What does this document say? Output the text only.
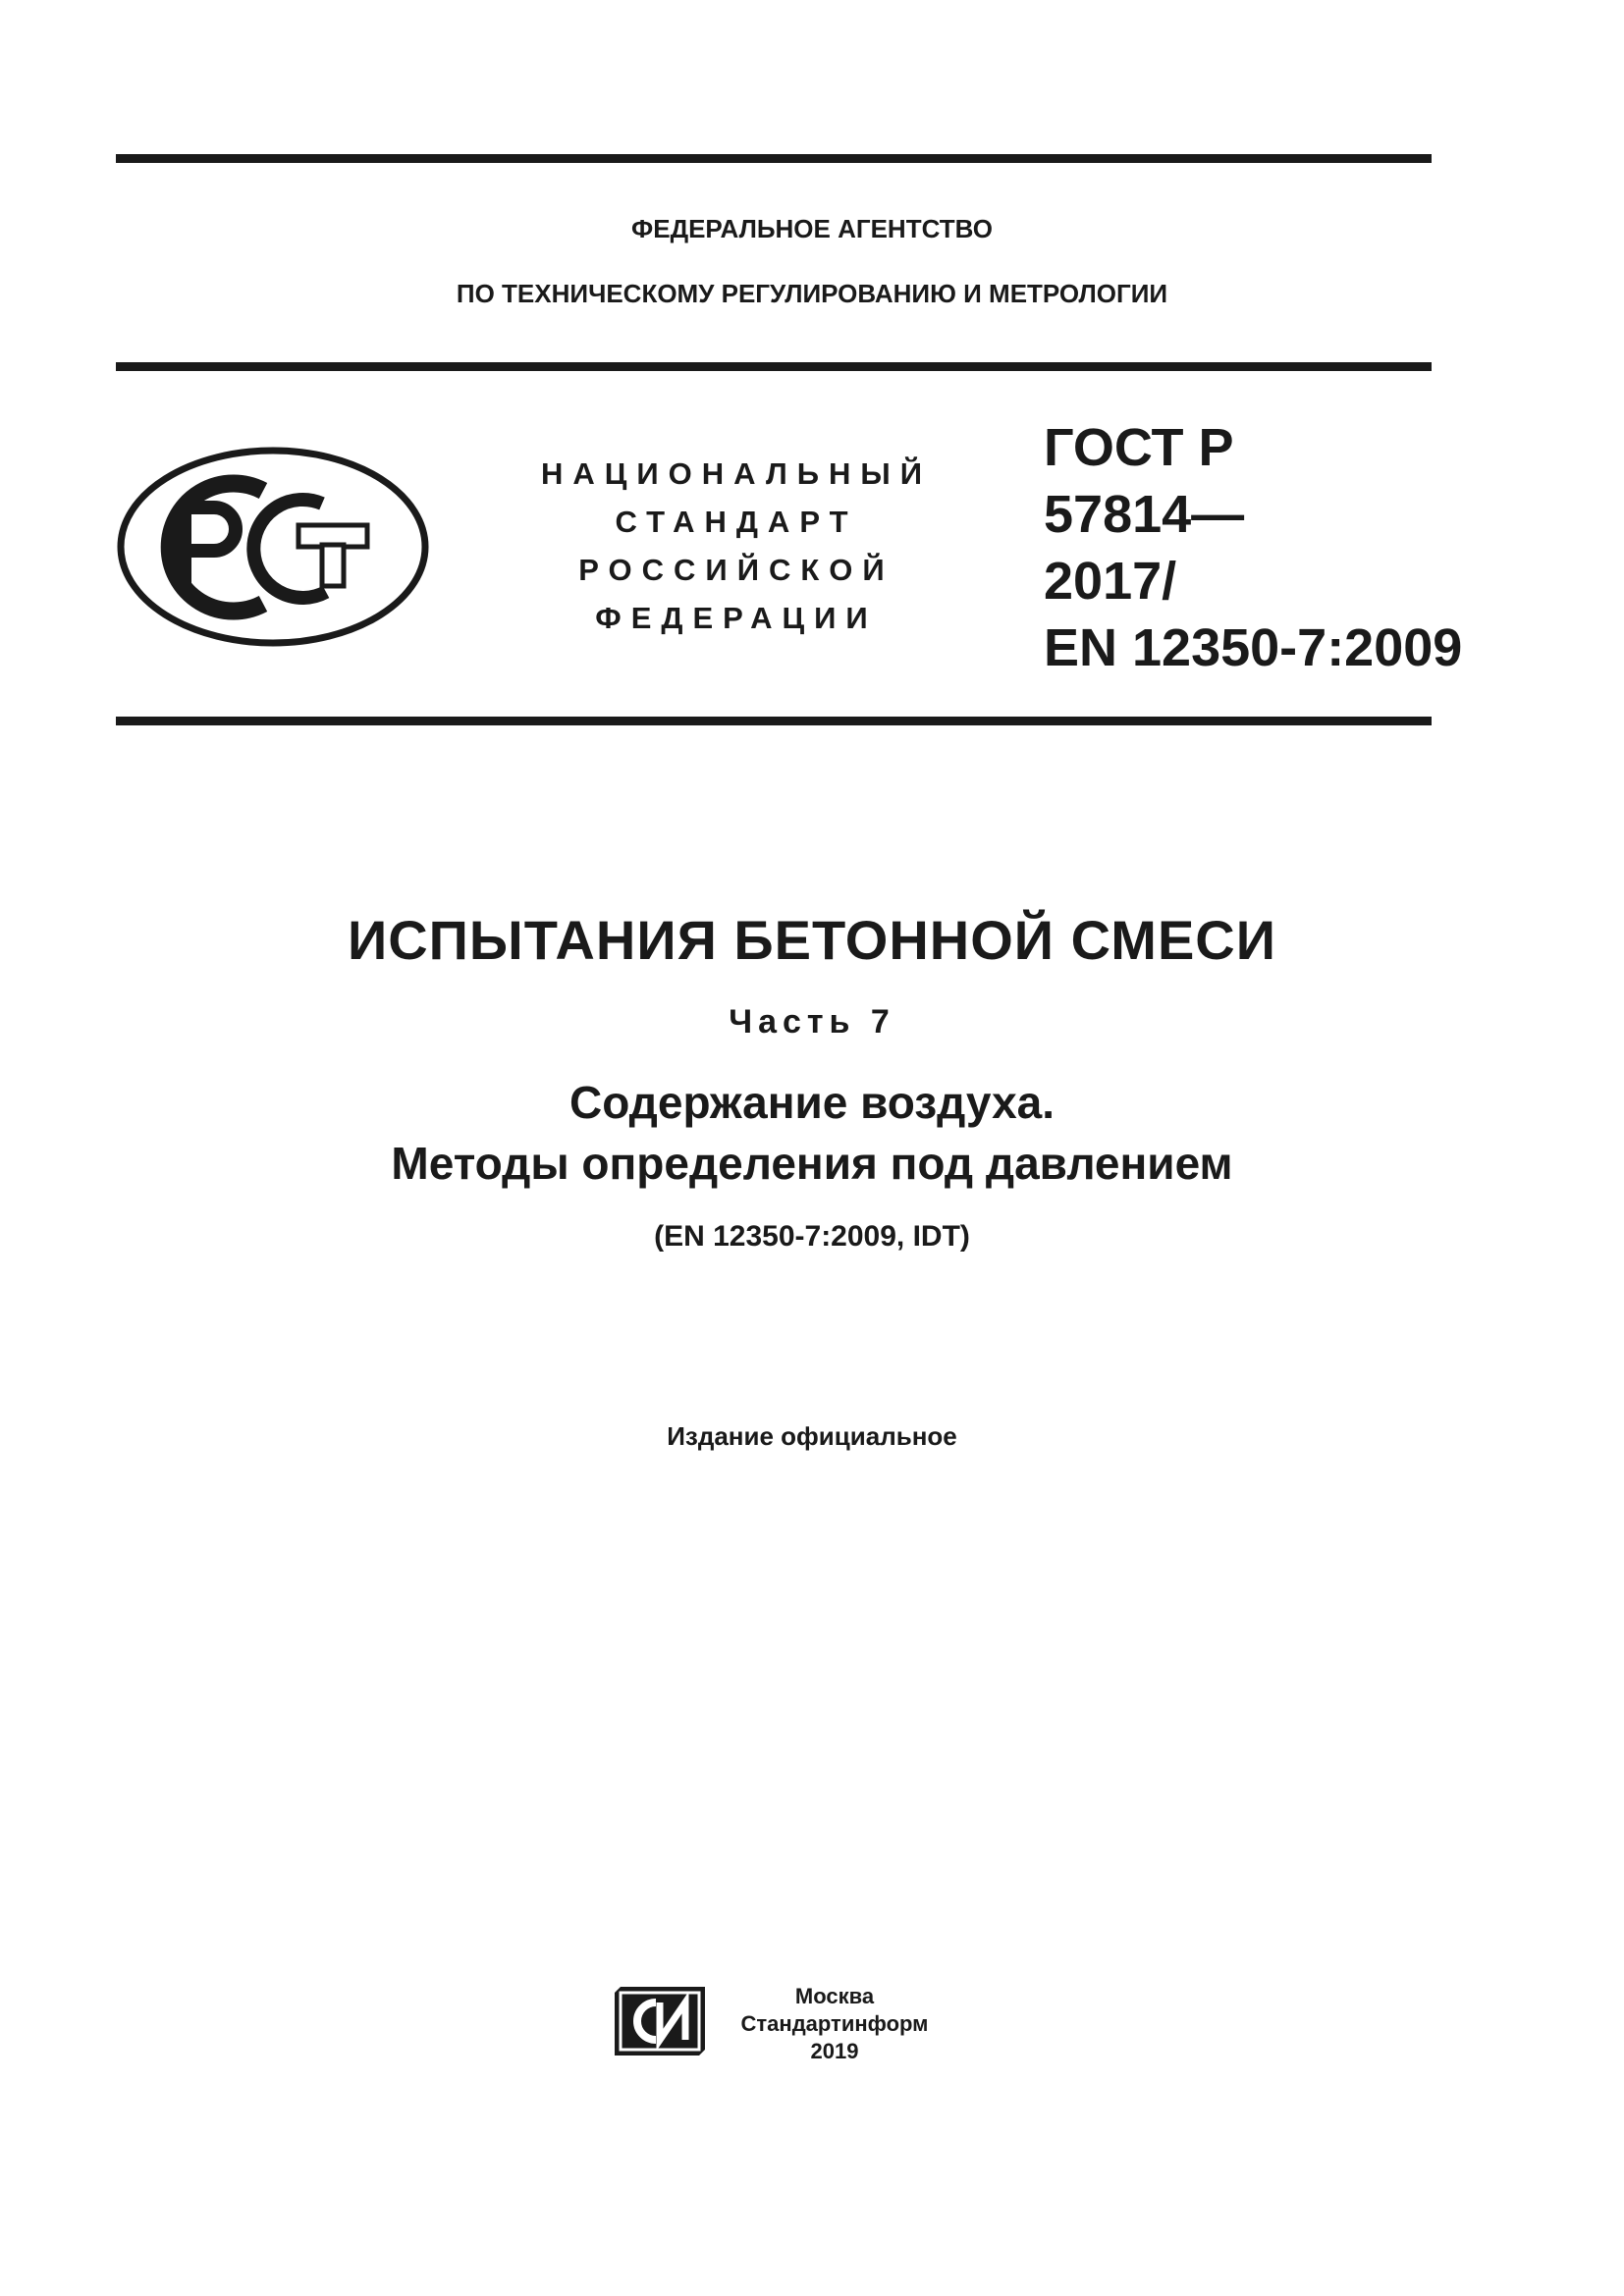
ФЕДЕРАЛЬНОЕ АГЕНТСТВО
ПО ТЕХНИЧЕСКОМУ РЕГУЛИРОВАНИЮ И МЕТРОЛОГИИ
НАЦИОНАЛЬНЫЙ
СТАНДАРТ
РОССИЙСКОЙ
ФЕДЕРАЦИИ
ГОСТ Р
57814—
2017/
EN 12350-7:2009
ИСПЫТАНИЯ БЕТОННОЙ СМЕСИ
Часть 7
Содержание воздуха.
Методы определения под давлением
(EN 12350-7:2009, IDT)
Издание официальное
Москва
Стандартинформ
2019
